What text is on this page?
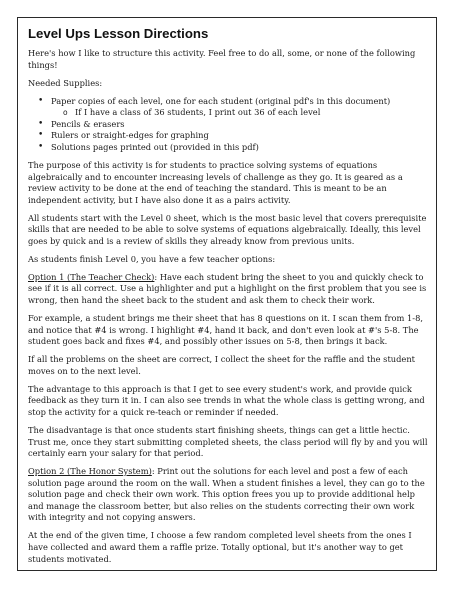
Level Ups Lesson Directions

Here's how I like to structure this activity. Feel free to do all, some, or none of the following things!

Needed Supplies:

• Paper copies of each level, one for each student (original pdf's in this document)
o If I have a class of 36 students, I print out 36 of each level
• Pencils & erasers
• Rulers or straight-edges for graphing
• Solutions pages printed out (provided in this pdf)

The purpose of this activity is for students to practice solving systems of equations algebraically and to encounter increasing levels of challenge as they go. It is geared as a review activity to be done at the end of teaching the standard. This is meant to be an independent activity, but I have also done it as a pairs activity.

All students start with the Level 0 sheet, which is the most basic level that covers prerequisite skills that are needed to be able to solve systems of equations algebraically. Ideally, this level goes by quick and is a review of skills they already know from previous units.

As students finish Level 0, you have a few teacher options:

Option 1 (The Teacher Check): Have each student bring the sheet to you and quickly check to see if it is all correct. Use a highlighter and put a highlight on the first problem that you see is wrong, then hand the sheet back to the student and ask them to check their work.

For example, a student brings me their sheet that has 8 questions on it. I scan them from 1-8, and notice that #4 is wrong. I highlight #4, hand it back, and don't even look at #'s 5-8. The student goes back and fixes #4, and possibly other issues on 5-8, then brings it back.

If all the problems on the sheet are correct, I collect the sheet for the raffle and the student moves on to the next level.

The advantage to this approach is that I get to see every student's work, and provide quick feedback as they turn it in. I can also see trends in what the whole class is getting wrong, and stop the activity for a quick re-teach or reminder if needed.

The disadvantage is that once students start finishing sheets, things can get a little hectic. Trust me, once they start submitting completed sheets, the class period will fly by and you will certainly earn your salary for that period.

Option 2 (The Honor System): Print out the solutions for each level and post a few of each solution page around the room on the wall. When a student finishes a level, they can go to the solution page and check their own work. This option frees you up to provide additional help and manage the classroom better, but also relies on the students correcting their own work with integrity and not copying answers.

At the end of the given time, I choose a few random completed level sheets from the ones I have collected and award them a raffle prize. Totally optional, but it's another way to get students motivated.
